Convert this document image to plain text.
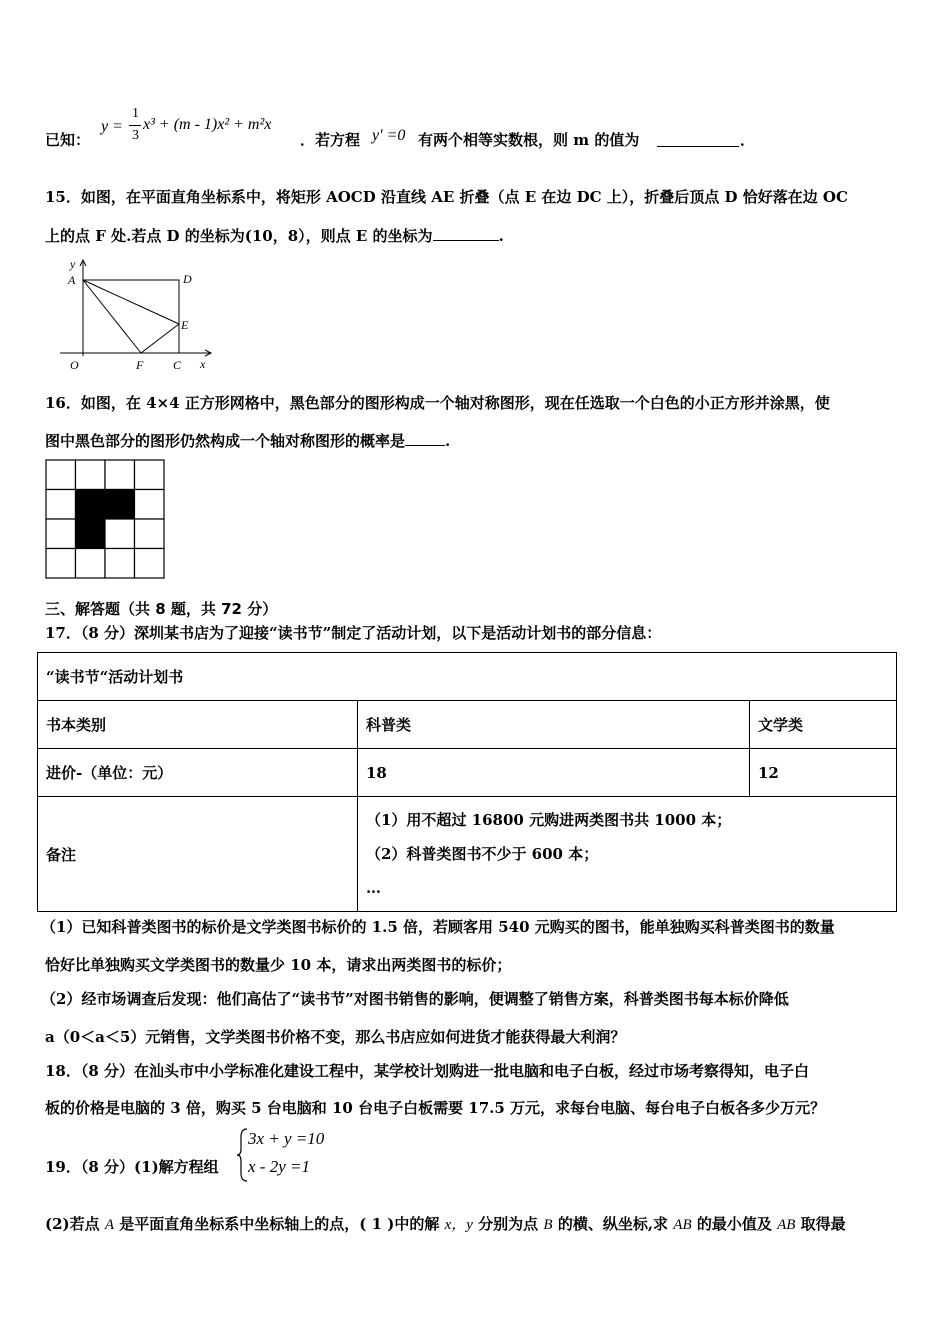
已知：
y =
1
3
x³ + (m - 1)x² + m²x
．若方程 y′ =0 有两个相等实数根，则 m 的值为	．
15．如图，在平面直角坐标系中，将矩形 AOCD 沿直线 AE 折叠（点 E 在边 DC 上），折叠后顶点 D 恰好落在边 OC
上的点 F 处.若点 D 的坐标为(10，8），则点 E 的坐标为	.
y
A	D
E
O	F C x
16．如图，在 4×4 正方形网格中，黑色部分的图形构成一个轴对称图形，现在任选取一个白色的小正方形并涂黑，使
图中黑色部分的图形仍然构成一个轴对称图形的概率是	.
三、解答题（共 8 题，共 72 分）
17．（8 分）深圳某书店为了迎接“读书节”制定了活动计划，以下是活动计划书的部分信息：
“读书节“活动计划书		
书本类别	科普类	文学类
进价-（单位：元）	18	12
备注	（1）用不超过 16800 元购进两类图书共 1000 本；
（2）科普类图书不少于 600 本；
…	
（1）已知科普类图书的标价是文学类图书标价的 1.5 倍，若顾客用 540 元购买的图书，能单独购买科普类图书的数量
恰好比单独购买文学类图书的数量少 10 本，请求出两类图书的标价；
（2）经市场调查后发现：他们高估了“读书节”对图书销售的影响，便调整了销售方案，科普类图书每本标价降低
a（0＜a＜5）元销售，文学类图书价格不变，那么书店应如何进货才能获得最大利润？
18．（8 分）在汕头市中小学标准化建设工程中，某学校计划购进一批电脑和电子白板，经过市场考察得知，电子白
板的价格是电脑的 3 倍，购买 5 台电脑和 10 台电子白板需要 17.5 万元，求每台电脑、每台电子白板各多少万元？
19．（8 分）(1)解方程组
3x + y =10
x - 2y =1
(2)若点 A 是平面直角坐标系中坐标轴上的点，( 1 )中的解 x，y 分别为点 B 的横、纵坐标,求 AB 的最小值及 AB 取得最
